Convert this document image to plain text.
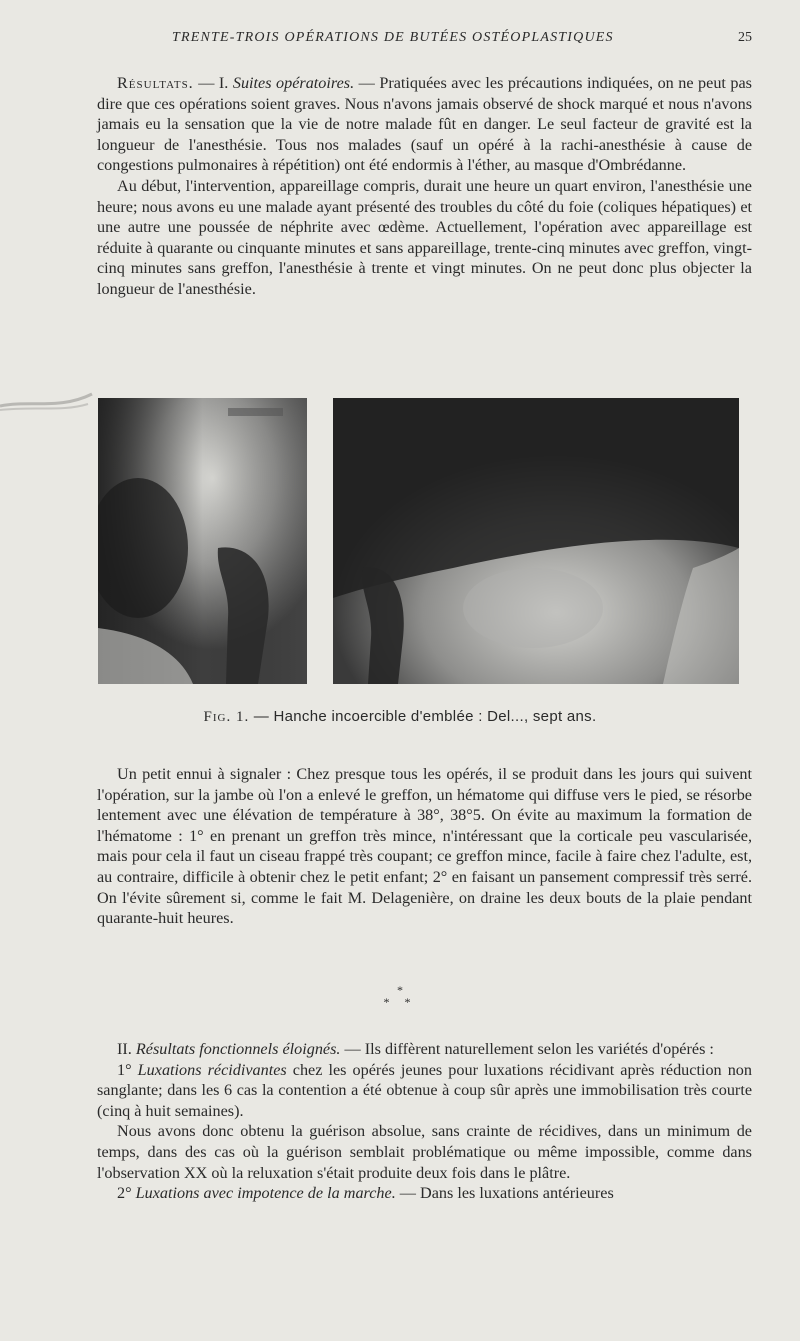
TRENTE-TROIS OPÉRATIONS DE BUTÉES OSTÉOPLASTIQUES	25

Résultats. — I. Suites opératoires. — Pratiquées avec les précautions indiquées, on ne peut pas dire que ces opérations soient graves. Nous n'avons jamais observé de shock marqué et nous n'avons jamais eu la sensation que la vie de notre malade fût en danger. Le seul facteur de gravité est la longueur de l'anesthésie. Tous nos malades (sauf un opéré à la rachi-anesthésie à cause de congestions pulmonaires à répétition) ont été endormis à l'éther, au masque d'Ombrédanne.

Au début, l'intervention, appareillage compris, durait une heure un quart environ, l'anesthésie une heure; nous avons eu une malade ayant présenté des troubles du côté du foie (coliques hépatiques) et une autre une poussée de néphrite avec œdème. Actuellement, l'opération avec appareillage est réduite à quarante ou cinquante minutes et sans appareillage, trente-cinq minutes avec greffon, vingt-cinq minutes sans greffon, l'anesthésie à trente et vingt minutes. On ne peut donc plus objecter la longueur de l'anesthésie.

Fig. 1. — Hanche incoercible d'emblée : Del..., sept ans.

Un petit ennui à signaler : Chez presque tous les opérés, il se produit dans les jours qui suivent l'opération, sur la jambe où l'on a enlevé le greffon, un hématome qui diffuse vers le pied, se résorbe lentement avec une élévation de température à 38°, 38°5. On évite au maximum la formation de l'hématome : 1° en prenant un greffon très mince, n'intéressant que la corticale peu vascularisée, mais pour cela il faut un ciseau frappé très coupant; ce greffon mince, facile à faire chez l'adulte, est, au contraire, difficile à obtenir chez le petit enfant; 2° en faisant un pansement compressif très serré. On l'évite sûrement si, comme le fait M. Delagenière, on draine les deux bouts de la plaie pendant quarante-huit heures.

*
* *

II. Résultats fonctionnels éloignés. — Ils diffèrent naturellement selon les variétés d'opérés :

1° Luxations récidivantes chez les opérés jeunes pour luxations récidivant après réduction non sanglante; dans les 6 cas la contention a été obtenue à coup sûr après une immobilisation très courte (cinq à huit semaines).

Nous avons donc obtenu la guérison absolue, sans crainte de récidives, dans un minimum de temps, dans des cas où la guérison semblait problématique ou même impossible, comme dans l'observation XX où la reluxation s'était produite deux fois dans le plâtre.

2° Luxations avec impotence de la marche. — Dans les luxations antérieures
